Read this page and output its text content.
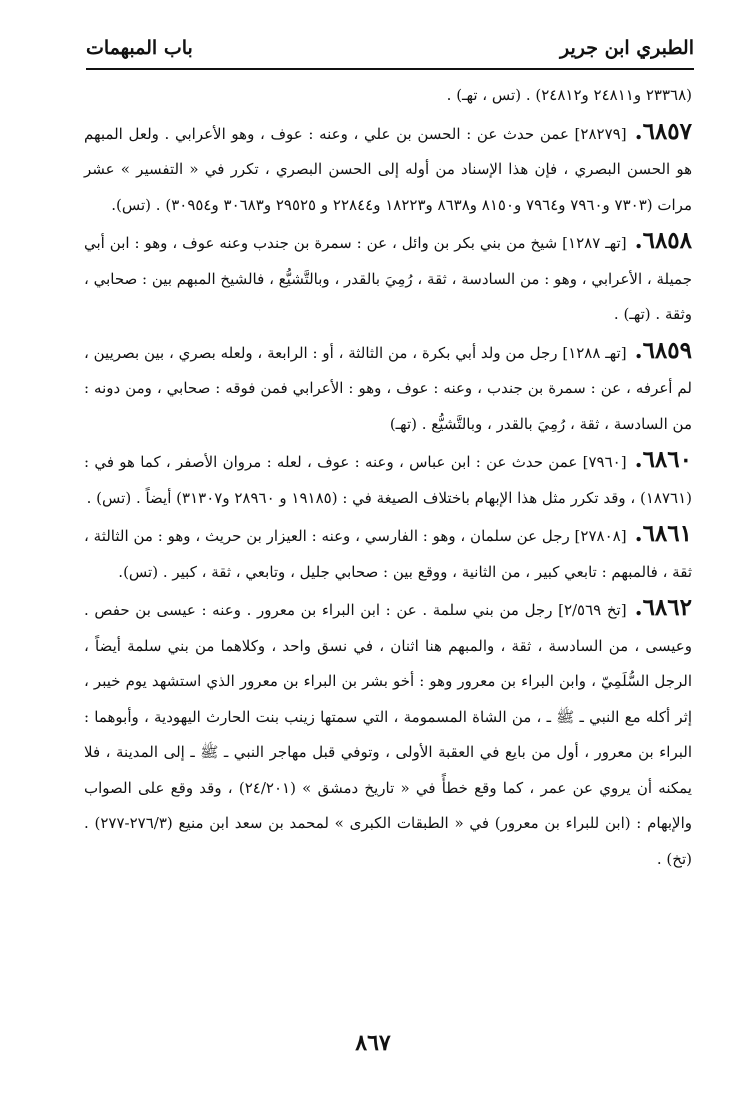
الطبري ابن جرير
باب المبهمات

(٢٣٣٦٨ و٢٤٨١١ و٢٤٨١٢) . (تس ، تهـ) .

٦٨٥٧.[٢٨٢٧٩] عمن حدث عن : الحسن بن علي ، وعنه : عوف ، وهو الأعرابي . ولعل المبهم هو الحسن البصري ، فإن هذا الإسناد من أوله إلى الحسن البصري ، تكرر في « التفسير » عشر مرات (٧٣٠٣ و٧٩٦٠ و٧٩٦٤ و٨١٥٠ و٨٦٣٨ و١٨٢٢٣ و٢٢٨٤٤ و ٢٩٥٢٥ و٣٠٦٨٣ و٣٠٩٥٤) . (تس).

٦٨٥٨.[تهـ ١٢٨٧] شيخ من بني بكر بن وائل ، عن : سمرة بن جندب وعنه عوف ، وهو : ابن أبي جميلة ، الأعرابي ، وهو : من السادسة ، ثقة ، رُمِيَ بالقدر ، وبالتَّشيُّع ، فالشيخ المبهم بين : صحابي ، وثقة . (تهـ) .

٦٨٥٩.[تهـ ١٢٨٨] رجل من ولد أبي بكرة ، من الثالثة ، أو : الرابعة ، ولعله بصري ، بين بصريين ، لم أعرفه ، عن : سمرة بن جندب ، وعنه : عوف ، وهو : الأعرابي فمن فوقه : صحابي ، ومن دونه : من السادسة ، ثقة ، رُمِيَ بالقدر ، وبالتَّشيُّع . (تهـ)

٦٨٦٠.[٧٩٦٠] عمن حدث عن : ابن عباس ، وعنه : عوف ، لعله : مروان الأصفر ، كما هو في : (١٨٧٦١) ، وقد تكرر مثل هذا الإبهام باختلاف الصيغة في : (١٩١٨٥ و ٢٨٩٦٠ و٣١٣٠٧) أيضاً . (تس) .

٦٨٦١.[٢٧٨٠٨] رجل عن سلمان ، وهو : الفارسي ، وعنه : العيزار بن حريث ، وهو : من الثالثة ، ثقة ، فالمبهم : تابعي كبير ، من الثانية ، ووقع بين : صحابي جليل ، وتابعي ، ثقة ، كبير . (تس).

٦٨٦٢.[تخ ٢/٥٦٩] رجل من بني سلمة . عن : ابن البراء بن معرور . وعنه : عيسى بن حفص . وعيسى ، من السادسة ، ثقة ، والمبهم هنا اثنان ، في نسق واحد ، وكلاهما من بني سلمة أيضاً ، الرجل السُّلَمِيّ ، وابن البراء بن معرور وهو : أخو بشر بن البراء بن معرور الذي استشهد يوم خيبر ، إثر أكله مع النبي ـ ﷺ ـ ، من الشاة المسمومة ، التي سمتها زينب بنت الحارث اليهودية ، وأبوهما : البراء بن معرور ، أول من بايع في العقبة الأولى ، وتوفي قبل مهاجر النبي ـ ﷺ ـ إلى المدينة ، فلا يمكنه أن يروي عن عمر ، كما وقع خطأً في « تاريخ دمشق » (٢٤/٢٠١) ، وقد وقع على الصواب والإبهام : (ابن للبراء بن معرور) في « الطبقات الكبرى » لمحمد بن سعد ابن منيع (٢٧٦/٣-٢٧٧) . (تخ) .

٨٦٧
